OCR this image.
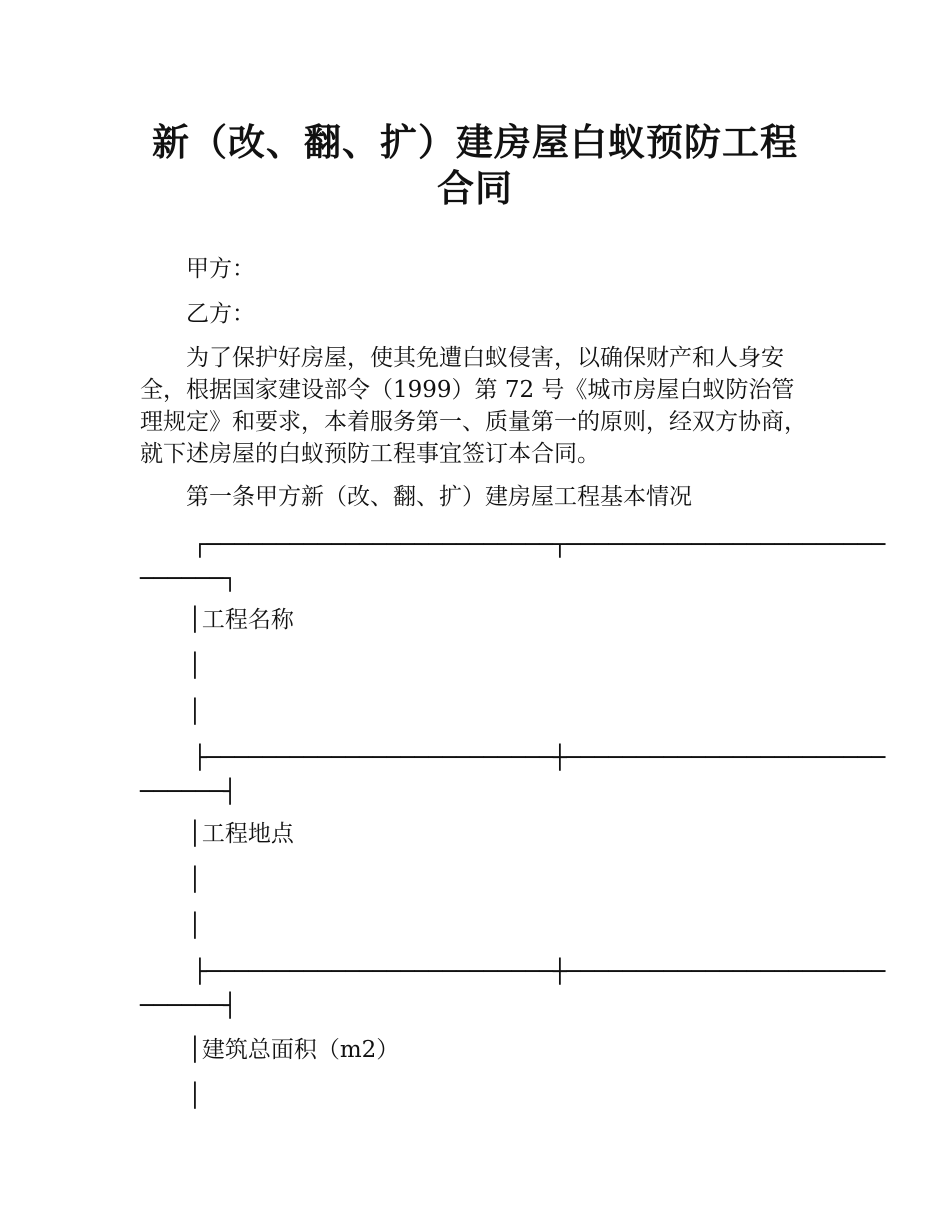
新（改、翻、扩）建房屋白蚁预防工程合同
甲方：
乙方：
为了保护好房屋，使其免遭白蚁侵害，以确保财产和人身安全，根据国家建设部令（1999）第 72 号《城市房屋白蚁防治管理规定》和要求，本着服务第一、质量第一的原则，经双方协商，就下述房屋的白蚁预防工程事宜签订本合同。
第一条甲方新（改、翻、扩）建房屋工程基本情况
┌─────────────────────────┬───────────────────────
──────┐
│工程名称
│
│
├─────────────────────────┼───────────────────────
──────┤
│工程地点
│
│
├─────────────────────────┼───────────────────────
──────┤
│建筑总面积（m2）
│
